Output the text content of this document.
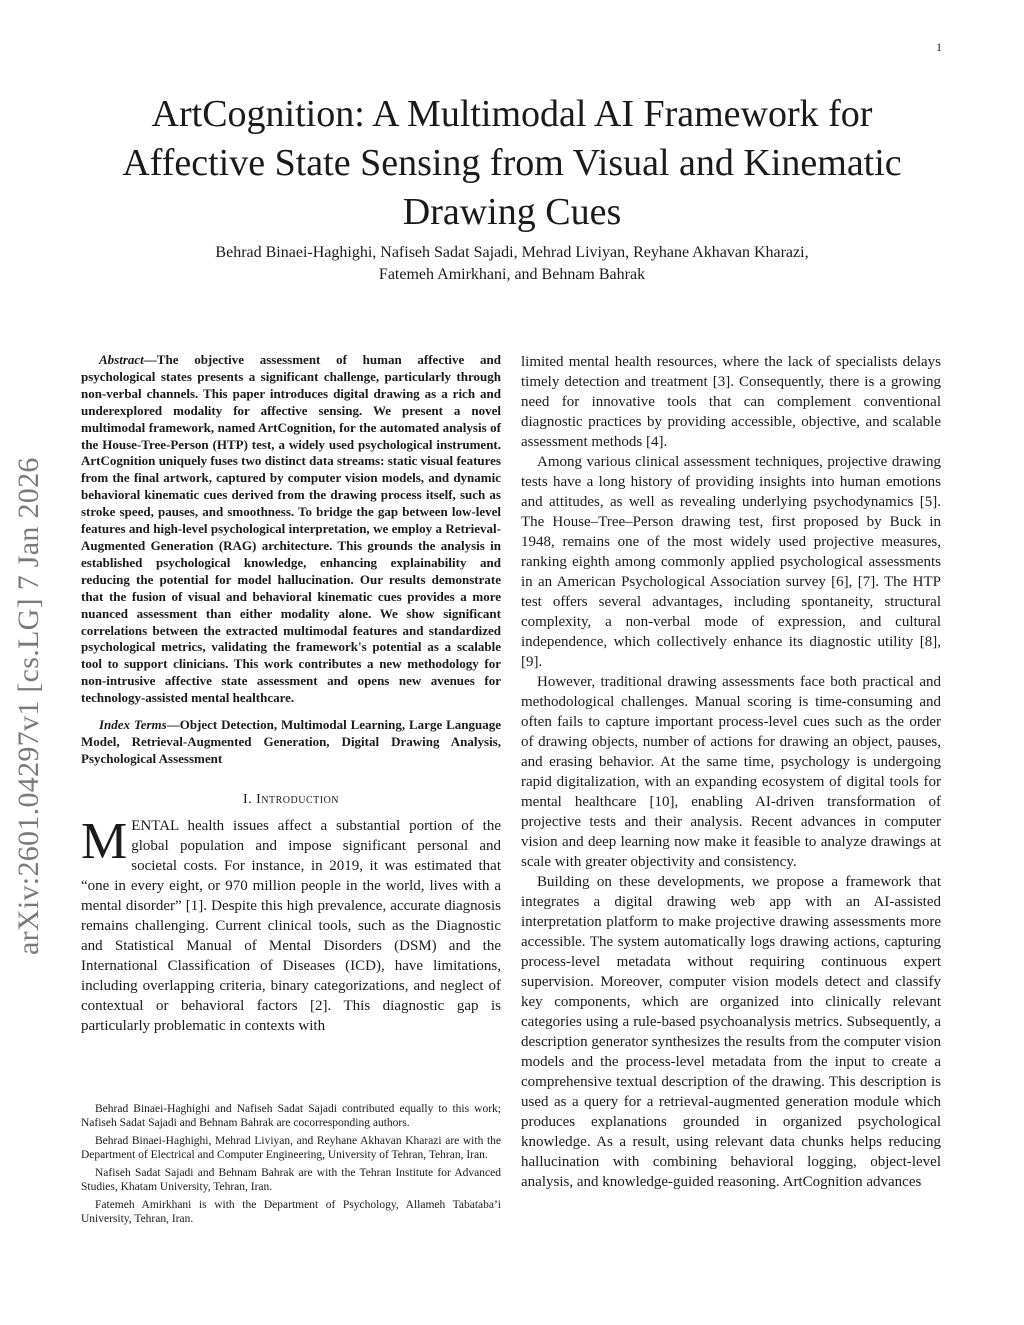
1
arXiv:2601.04297v1 [cs.LG] 7 Jan 2026
ArtCognition: A Multimodal AI Framework for Affective State Sensing from Visual and Kinematic Drawing Cues
Behrad Binaei-Haghighi, Nafiseh Sadat Sajadi, Mehrad Liviyan, Reyhane Akhavan Kharazi,
Fatemeh Amirkhani, and Behnam Bahrak

Abstract—The objective assessment of human affective and psychological states presents a significant challenge, particularly through non-verbal channels. This paper introduces digital drawing as a rich and underexplored modality for affective sensing. We present a novel multimodal framework, named ArtCognition, for the automated analysis of the House-Tree-Person (HTP) test, a widely used psychological instrument. ArtCognition uniquely fuses two distinct data streams: static visual features from the final artwork, captured by computer vision models, and dynamic behavioral kinematic cues derived from the drawing process itself, such as stroke speed, pauses, and smoothness. To bridge the gap between low-level features and high-level psychological interpretation, we employ a Retrieval-Augmented Generation (RAG) architecture. This grounds the analysis in established psychological knowledge, enhancing explainability and reducing the potential for model hallucination. Our results demonstrate that the fusion of visual and behavioral kinematic cues provides a more nuanced assessment than either modality alone. We show significant correlations between the extracted multimodal features and standardized psychological metrics, validating the framework's potential as a scalable tool to support clinicians. This work contributes a new methodology for non-intrusive affective state assessment and opens new avenues for technology-assisted mental healthcare.

Index Terms—Object Detection, Multimodal Learning, Large Language Model, Retrieval-Augmented Generation, Digital Drawing Analysis, Psychological Assessment

I. Introduction

MENTAL health issues affect a substantial portion of the global population and impose significant personal and societal costs. For instance, in 2019, it was estimated that “one in every eight, or 970 million people in the world, lives with a mental disorder” [1]. Despite this high prevalence, accurate diagnosis remains challenging. Current clinical tools, such as the Diagnostic and Statistical Manual of Mental Disorders (DSM) and the International Classification of Diseases (ICD), have limitations, including overlapping criteria, binary categorizations, and neglect of contextual or behavioral factors [2]. This diagnostic gap is particularly problematic in contexts with

limited mental health resources, where the lack of specialists delays timely detection and treatment [3]. Consequently, there is a growing need for innovative tools that can complement conventional diagnostic practices by providing accessible, objective, and scalable assessment methods [4].

Among various clinical assessment techniques, projective drawing tests have a long history of providing insights into human emotions and attitudes, as well as revealing underlying psychodynamics [5]. The House–Tree–Person drawing test, first proposed by Buck in 1948, remains one of the most widely used projective measures, ranking eighth among commonly applied psychological assessments in an American Psychological Association survey [6], [7]. The HTP test offers several advantages, including spontaneity, structural complexity, a non-verbal mode of expression, and cultural independence, which collectively enhance its diagnostic utility [8], [9].

However, traditional drawing assessments face both practical and methodological challenges. Manual scoring is time-consuming and often fails to capture important process-level cues such as the order of drawing objects, number of actions for drawing an object, pauses, and erasing behavior. At the same time, psychology is undergoing rapid digitalization, with an expanding ecosystem of digital tools for mental healthcare [10], enabling AI-driven transformation of projective tests and their analysis. Recent advances in computer vision and deep learning now make it feasible to analyze drawings at scale with greater objectivity and consistency.

Building on these developments, we propose a framework that integrates a digital drawing web app with an AI-assisted interpretation platform to make projective drawing assessments more accessible. The system automatically logs drawing actions, capturing process-level metadata without requiring continuous expert supervision. Moreover, computer vision models detect and classify key components, which are organized into clinically relevant categories using a rule-based psychoanalysis metrics. Subsequently, a description generator synthesizes the results from the computer vision models and the process-level metadata from the input to create a comprehensive textual description of the drawing. This description is used as a query for a retrieval-augmented generation module which produces explanations grounded in organized psychological knowledge. As a result, using relevant data chunks helps reducing hallucination with combining behavioral logging, object-level analysis, and knowledge-guided reasoning. ArtCognition advances

Behrad Binaei-Haghighi and Nafiseh Sadat Sajadi contributed equally to this work; Nafiseh Sadat Sajadi and Behnam Bahrak are cocorresponding authors.

Behrad Binaei-Haghighi, Mehrad Liviyan, and Reyhane Akhavan Kharazi are with the Department of Electrical and Computer Engineering, University of Tehran, Tehran, Iran.

Nafiseh Sadat Sajadi and Behnam Bahrak are with the Tehran Institute for Advanced Studies, Khatam University, Tehran, Iran.

Fatemeh Amirkhani is with the Department of Psychology, Allameh Tabataba’i University, Tehran, Iran.
